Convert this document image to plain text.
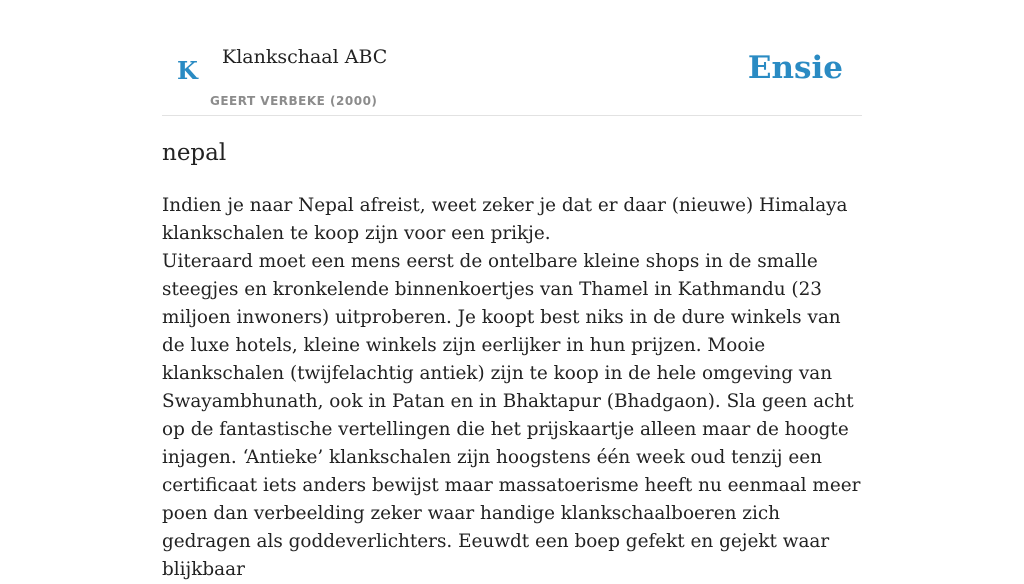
K Klankschaal ABC
GEERT VERBEKE (2000)
Ensie
nepal

Indien je naar Nepal afreist, weet zeker je dat er daar (nieuwe) Himalaya klankschalen te koop zijn voor een prikje.

Uiteraard moet een mens eerst de ontelbare kleine shops in de smalle steegjes en kronkelende binnenkoertjes van Thamel in Kathmandu (23 miljoen inwoners) uitproberen. Je koopt best niks in de dure winkels van de luxe hotels, kleine winkels zijn eerlijker in hun prijzen. Mooie klankschalen (twijfelachtig antiek) zijn te koop in de hele omgeving van Swayambhunath, ook in Patan en in Bhaktapur (Bhadgaon). Sla geen acht op de fantastische vertellingen die het prijskaartje alleen maar de hoogte injagen. ‘Antieke’ klankschalen zijn hoogstens één week oud tenzij een certificaat iets anders bewijst maar massatoerisme heeft nu eenmaal meer poen dan verbeelding zeker waar handige klankschaalboeren zich gedragen als goddeverlichters. Eeuwdt een boep gefekt en gejekt waar blijkbaar
